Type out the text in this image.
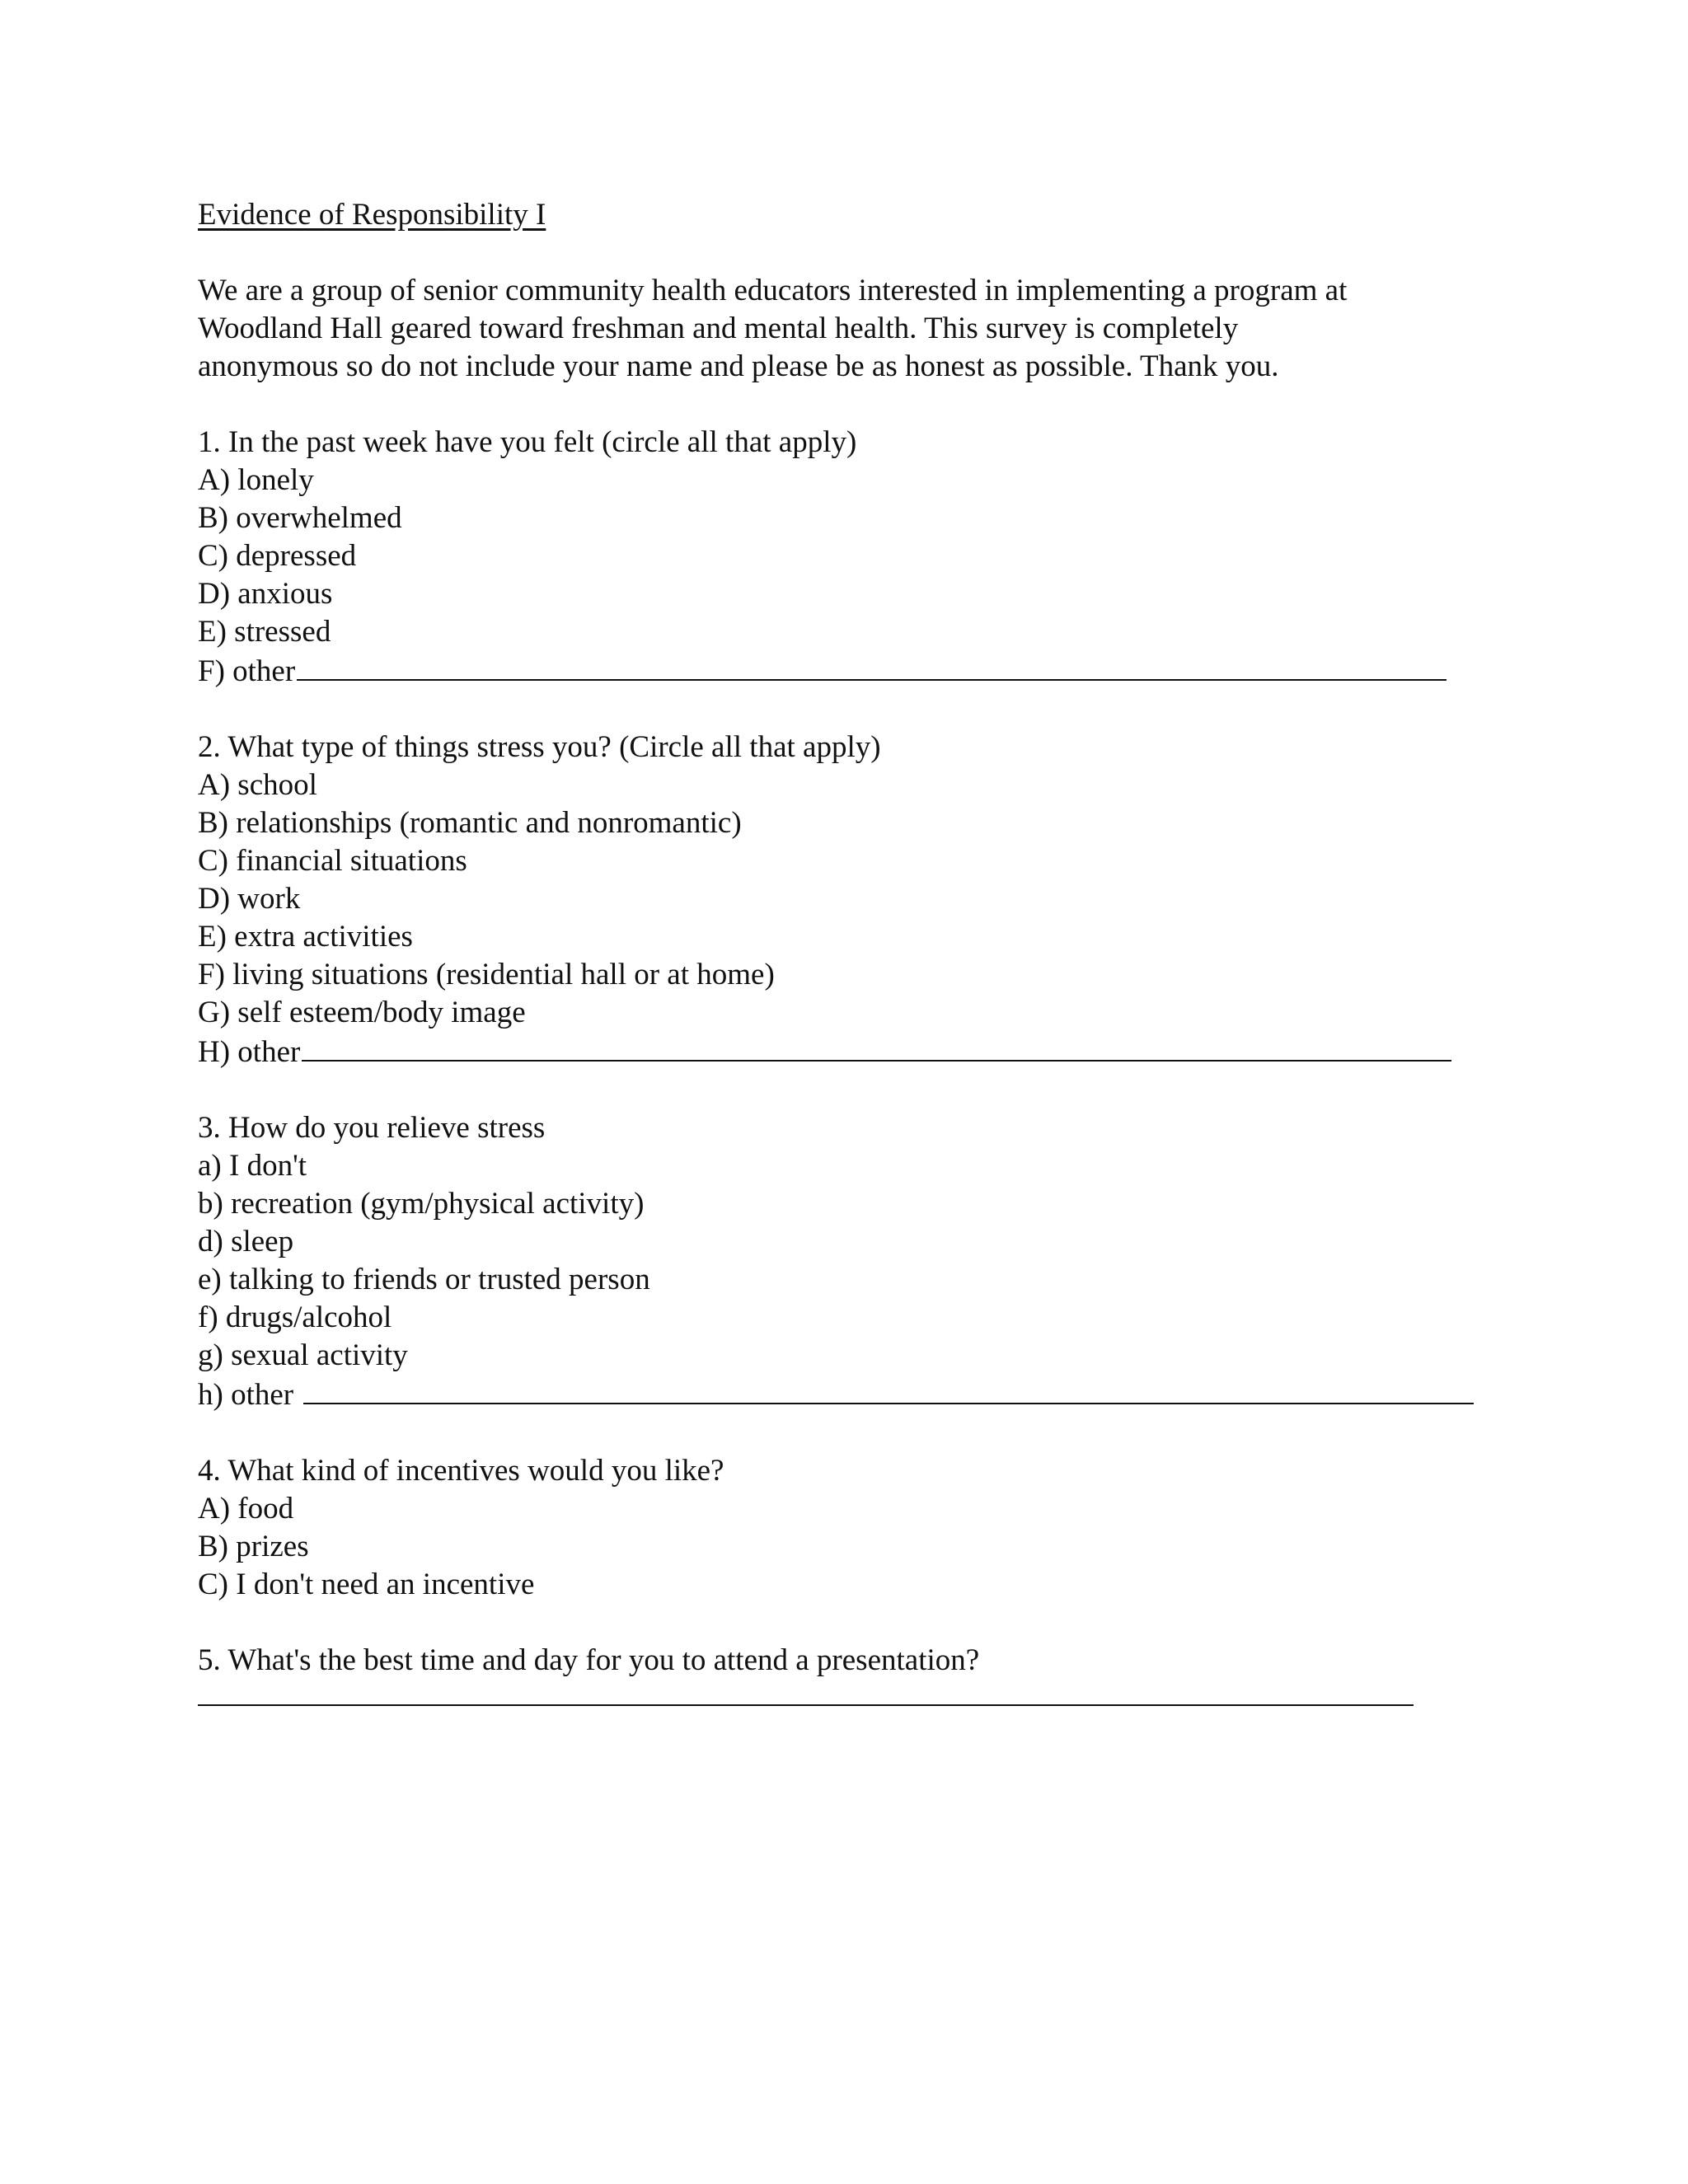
Evidence of Responsibility I
We are a group of senior community health educators interested in implementing a program at
Woodland Hall geared toward freshman and mental health. This survey is completely
anonymous so do not include your name and please be as honest as possible. Thank you.
1. In the past week have you felt (circle all that apply)
A) lonely
B) overwhelmed
C) depressed
D) anxious
E) stressed
F) other
2. What type of things stress you? (Circle all that apply)
A) school
B) relationships (romantic and nonromantic)
C) financial situations
D) work
E) extra activities
F) living situations (residential hall or at home)
G) self esteem/body image
H) other
3. How do you relieve stress
a) I don't
b) recreation (gym/physical activity)
d) sleep
e) talking to friends or trusted person
f) drugs/alcohol
g) sexual activity
h) other
4. What kind of incentives would you like?
A) food
B) prizes
C) I don't need an incentive
5. What's the best time and day for you to attend a presentation?
